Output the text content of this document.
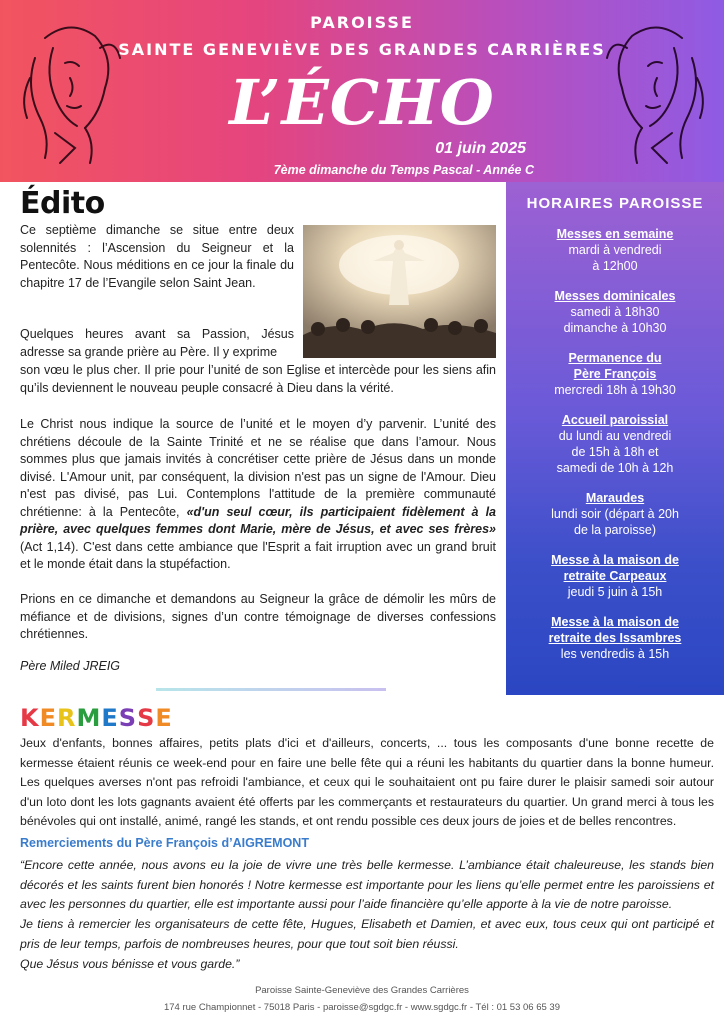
PAROISSE
SAINTE GENEVIÈVE DES GRANDES CARRIÈRES
L’ÉCHO
01 juin 2025
7ème dimanche du Temps Pascal - Année C
Édito

Ce septième dimanche se situe entre deux solennités : l’Ascension du Seigneur et la Pentecôte. Nous méditions en ce jour la finale du chapitre 17 de l’Evangile selon Saint Jean.

Quelques heures avant sa Passion, Jésus adresse sa grande prière au Père. Il y exprime

son vœu le plus cher. Il prie pour l’unité de son Eglise et intercède pour les siens afin qu’ils deviennent le nouveau peuple consacré à Dieu dans la vérité.

Le Christ nous indique la source de l’unité et le moyen d’y parvenir. L’unité des chrétiens découle de la Sainte Trinité et ne se réalise que dans l’amour. Nous sommes plus que jamais invités à concrétiser cette prière de Jésus dans un monde divisé. L'Amour unit, par conséquent, la division n'est pas un signe de l'Amour. Dieu n'est pas divisé, pas Lui. Contemplons l'attitude de la première communauté chrétienne: à la Pentecôte, «d'un seul cœur, ils participaient fidèlement à la prière, avec quelques femmes dont Marie, mère de Jésus, et avec ses frères» (Act 1,14). C'est dans cette ambiance que l'Esprit a fait irruption avec un grand bruit et le monde était dans la stupéfaction.

Prions en ce dimanche et demandons au Seigneur la grâce de démolir les mûrs de méfiance et de divisions, signes d’un contre témoignage de diverses confessions chrétiennes.

Père Miled JREIG
HORAIRES PAROISSE
Messes en semaine
mardi à vendredi
à 12h00
Messes dominicales
samedi à 18h30
dimanche à 10h30
Permanence du
Père François
mercredi 18h à 19h30
Accueil paroissial
du lundi au vendredi
de 15h à 18h et
samedi de 10h à 12h
Maraudes
lundi soir (départ à 20h
de la paroisse)
Messe à la maison de
retraite Carpeaux
jeudi 5 juin à 15h
Messe à la maison de
retraite des Issambres
les vendredis à 15h
KERMESSE

Jeux d'enfants, bonnes affaires, petits plats d'ici et d'ailleurs, concerts, ... tous les composants d'une bonne recette de kermesse étaient réunis ce week-end pour en faire une belle fête qui a réuni les habitants du quartier dans la bonne humeur. Les quelques averses n'ont pas refroidi l'ambiance, et ceux qui le souhaitaient ont pu faire durer le plaisir samedi soir autour d'un loto dont les lots gagnants avaient été offerts par les commerçants et restaurateurs du quartier. Un grand merci à tous les bénévoles qui ont installé, animé, rangé les stands, et ont rendu possible ces deux jours de joies et de belles rencontres.

Remerciements du Père François d’AIGREMONT
“Encore cette année, nous avons eu la joie de vivre une très belle kermesse. L’ambiance était chaleureuse, les stands bien décorés et les saints furent bien honorés ! Notre kermesse est importante pour les liens qu’elle permet entre les paroissiens et avec les personnes du quartier, elle est importante aussi pour l’aide financière qu’elle apporte à la vie de notre paroisse.
Je tiens à remercier les organisateurs de cette fête, Hugues, Elisabeth et Damien, et avec eux, tous ceux qui ont participé et pris de leur temps, parfois de nombreuses heures, pour que tout soit bien réussi.
Que Jésus vous bénisse et vous garde.”
Paroisse Sainte-Geneviève des Grandes Carrières
174 rue Championnet - 75018 Paris - paroisse@sgdgc.fr - www.sgdgc.fr - Tél : 01 53 06 65 39
